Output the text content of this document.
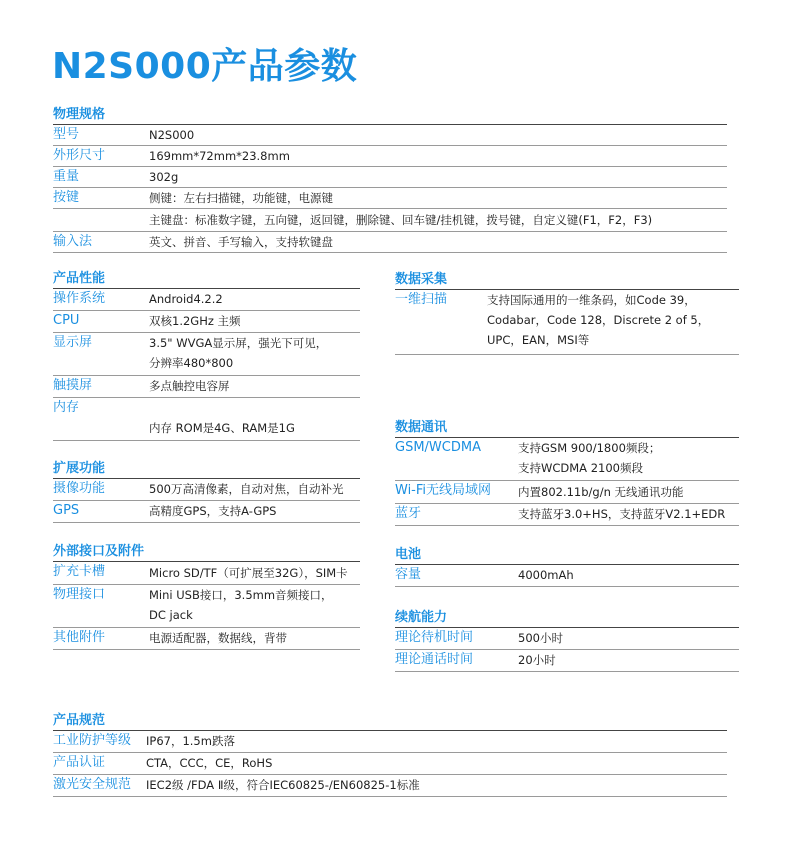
N2S000产品参数
物理规格
型号	N2S000
外形尺寸	169mm*72mm*23.8mm
重量	302g
按键	侧键：左右扫描键，功能键，电源键
主键盘：标准数字键，五向键，返回键，删除键、回车键/挂机键，拨号键，自定义键(F1，F2，F3)
输入法	英文、拼音、手写输入，支持软键盘
产品性能
操作系统	Android4.2.2
CPU	双核1.2GHz 主频
显示屏	3.5" WVGA显示屏，强光下可见，
分辨率480*800
触摸屏	多点触控电容屏
内存
内存 ROM是4G、RAM是1G
扩展功能
摄像功能	500万高清像素，自动对焦，自动补光
GPS	高精度GPS，支持A-GPS
外部接口及附件
扩充卡槽	Micro SD/TF（可扩展至32G），SIM卡
物理接口	Mini USB接口，3.5mm音频接口，
DC jack
其他附件	电源适配器，数据线，背带
数据采集
一维扫描	支持国际通用的一维条码，如Code 39，
Codabar，Code 128，Discrete 2 of 5，
UPC，EAN，MSI等
数据通讯
GSM/WCDMA	支持GSM 900/1800频段；
支持WCDMA 2100频段
Wi-Fi无线局域网 内置802.11b/g/n 无线通讯功能
蓝牙	支持蓝牙3.0+HS，支持蓝牙V2.1+EDR
电池
容量	4000mAh
续航能力
理论待机时间	500小时
理论通话时间	20小时
产品规范
工业防护等级 IP67，1.5m跌落
产品认证	CTA，CCC，CE，RoHS
激光安全规范 IEC2级 /FDA Ⅱ级，符合IEC60825-/EN60825-1标准
